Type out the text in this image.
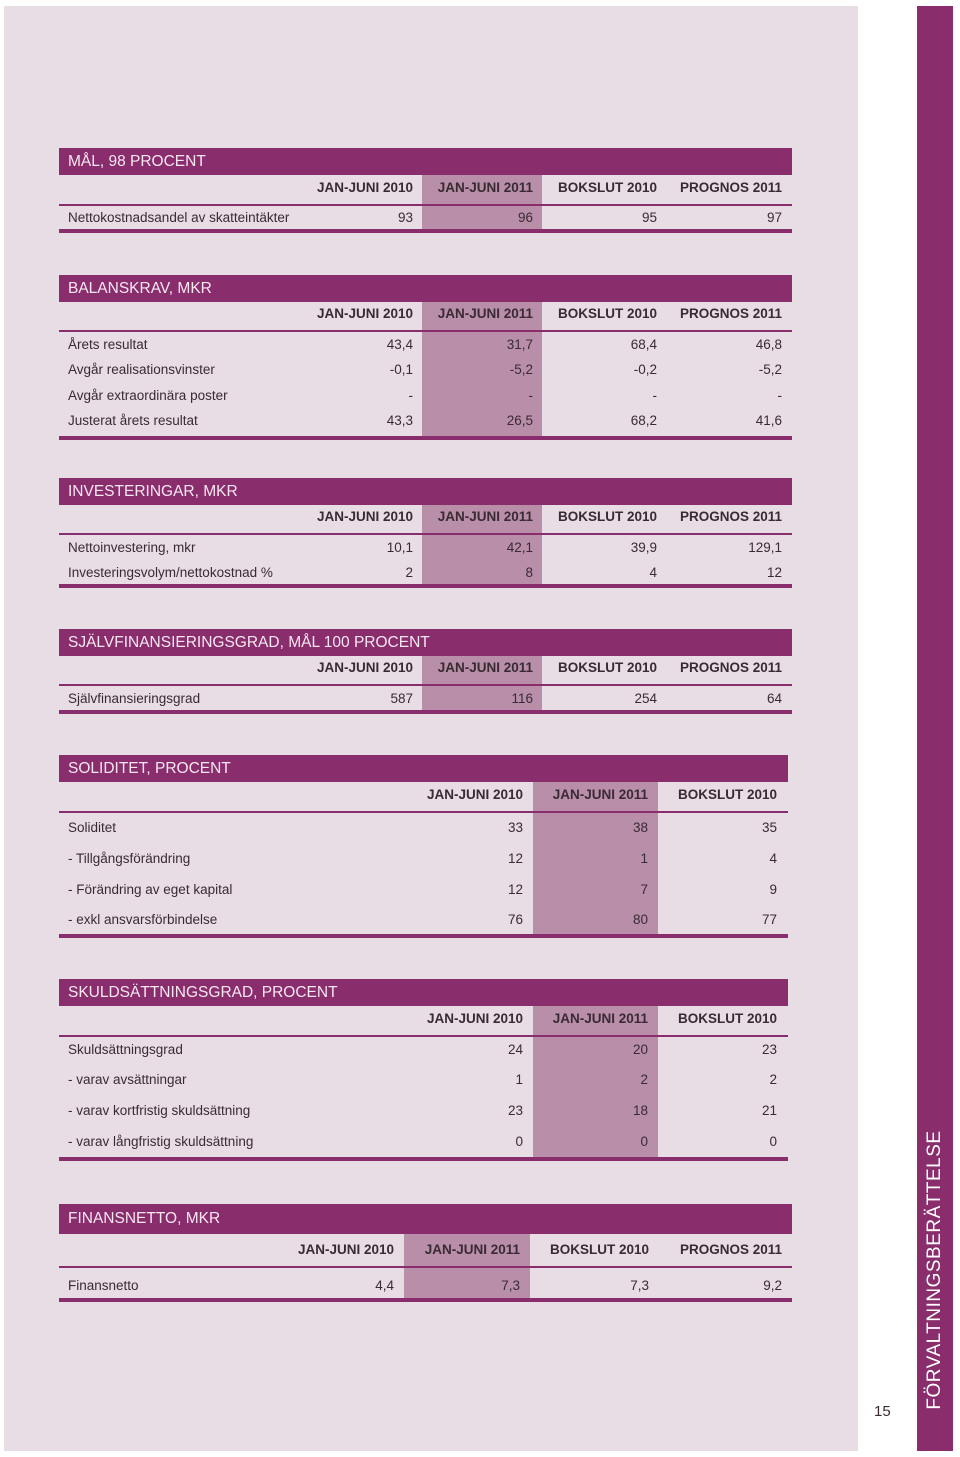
FÖRVALTNINGSBERÄTTELSE
15
MÅL, 98 PROCENT
JAN-JUNI 2010 JAN-JUNI 2011 BOKSLUT 2010 PROGNOS 2011
Nettokostnadsandel av skatteintäkter	93	96	95	97
BALANSKRAV, MKR
JAN-JUNI 2010 JAN-JUNI 2011 BOKSLUT 2010 PROGNOS 2011
Årets resultat	43,4	31,7	68,4	46,8
Avgår realisationsvinster	-0,1	-5,2	-0,2	-5,2
Avgår extraordinära poster	-	-	-	-
Justerat årets resultat	43,3	26,5	68,2	41,6
INVESTERINGAR, MKR
JAN-JUNI 2010 JAN-JUNI 2011 BOKSLUT 2010 PROGNOS 2011
Nettoinvestering, mkr	10,1	42,1	39,9	129,1
Investeringsvolym/nettokostnad %	2	8	4	12
SJÄLVFINANSIERINGSGRAD, MÅL 100 PROCENT
JAN-JUNI 2010 JAN-JUNI 2011 BOKSLUT 2010 PROGNOS 2011
Självfinansieringsgrad	587	116	254	64
SOLIDITET, PROCENT
JAN-JUNI 2010 JAN-JUNI 2011 BOKSLUT 2010
Soliditet	33	38	35
- Tillgångsförändring	12	1	4
- Förändring av eget kapital	12	7	9
- exkl ansvarsförbindelse	76	80	77
SKULDSÄTTNINGSGRAD, PROCENT
JAN-JUNI 2010 JAN-JUNI 2011 BOKSLUT 2010
Skuldsättningsgrad	24	20	23
- varav avsättningar	1	2	2
- varav kortfristig skuldsättning	23	18	21
- varav långfristig skuldsättning	0	0	0
FINANSNETTO, MKR
JAN-JUNI 2010 JAN-JUNI 2011 BOKSLUT 2010 PROGNOS 2011
Finansnetto	4,4	7,3	7,3	9,2
